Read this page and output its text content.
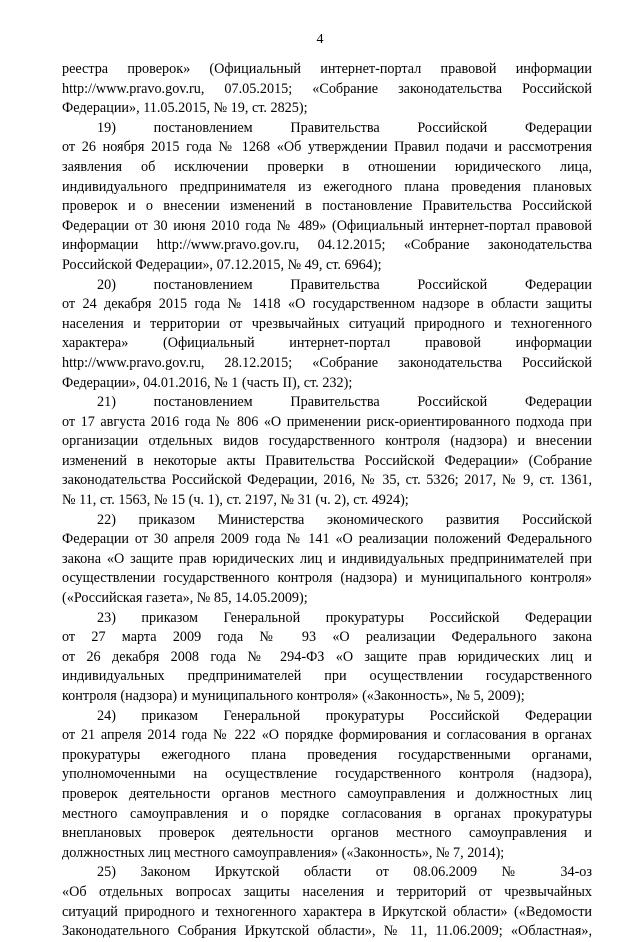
4
реестра проверок» (Официальный интернет-портал правовой информации
http://www.pravo.gov.ru, 07.05.2015; «Собрание законодательства Российской
Федерации», 11.05.2015, № 19, ст. 2825);
19) постановлением Правительства Российской Федерации
от 26 ноября 2015 года № 1268 «Об утверждении Правил подачи и рассмотрения
заявления об исключении проверки в отношении юридического лица,
индивидуального предпринимателя из ежегодного плана проведения плановых
проверок и о внесении изменений в постановление Правительства Российской
Федерации от 30 июня 2010 года № 489» (Официальный интернет-портал правовой
информации http://www.pravo.gov.ru, 04.12.2015; «Собрание законодательства
Российской Федерации», 07.12.2015, № 49, ст. 6964);
20) постановлением Правительства Российской Федерации
от 24 декабря 2015 года № 1418 «О государственном надзоре в области защиты
населения и территории от чрезвычайных ситуаций природного и техногенного
характера» (Официальный интернет-портал правовой информации
http://www.pravo.gov.ru, 28.12.2015; «Собрание законодательства Российской
Федерации», 04.01.2016, № 1 (часть II), ст. 232);
21) постановлением Правительства Российской Федерации
от 17 августа 2016 года № 806 «О применении риск-ориентированного подхода при
организации отдельных видов государственного контроля (надзора) и внесении
изменений в некоторые акты Правительства Российской Федерации» (Собрание
законодательства Российской Федерации, 2016, № 35, ст. 5326; 2017, № 9, ст. 1361,
№ 11, ст. 1563, № 15 (ч. 1), ст. 2197, № 31 (ч. 2), ст. 4924);
22) приказом Министерства экономического развития Российской
Федерации от 30 апреля 2009 года № 141 «О реализации положений Федерального
закона «О защите прав юридических лиц и индивидуальных предпринимателей при
осуществлении государственного контроля (надзора) и муниципального контроля»
(«Российская газета», № 85, 14.05.2009);
23) приказом Генеральной прокуратуры Российской Федерации
от 27 марта 2009 года № 93 «О реализации Федерального закона
от 26 декабря 2008 года № 294-ФЗ «О защите прав юридических лиц и
индивидуальных предпринимателей при осуществлении государственного
контроля (надзора) и муниципального контроля» («Законность», № 5, 2009);
24) приказом Генеральной прокуратуры Российской Федерации
от 21 апреля 2014 года № 222 «О порядке формирования и согласования в органах
прокуратуры ежегодного плана проведения государственными органами,
уполномоченными на осуществление государственного контроля (надзора),
проверок деятельности органов местного самоуправления и должностных лиц
местного самоуправления и о порядке согласования в органах прокуратуры
внеплановых проверок деятельности органов местного самоуправления и
должностных лиц местного самоуправления» («Законность», № 7, 2014);
25) Законом Иркутской области от 08.06.2009 № 34-оз
«Об отдельных вопросах защиты населения и территорий от чрезвычайных
ситуаций природного и техногенного характера в Иркутской области» («Ведомости
Законодательного Собрания Иркутской области», № 11, 11.06.2009; «Областная»,
